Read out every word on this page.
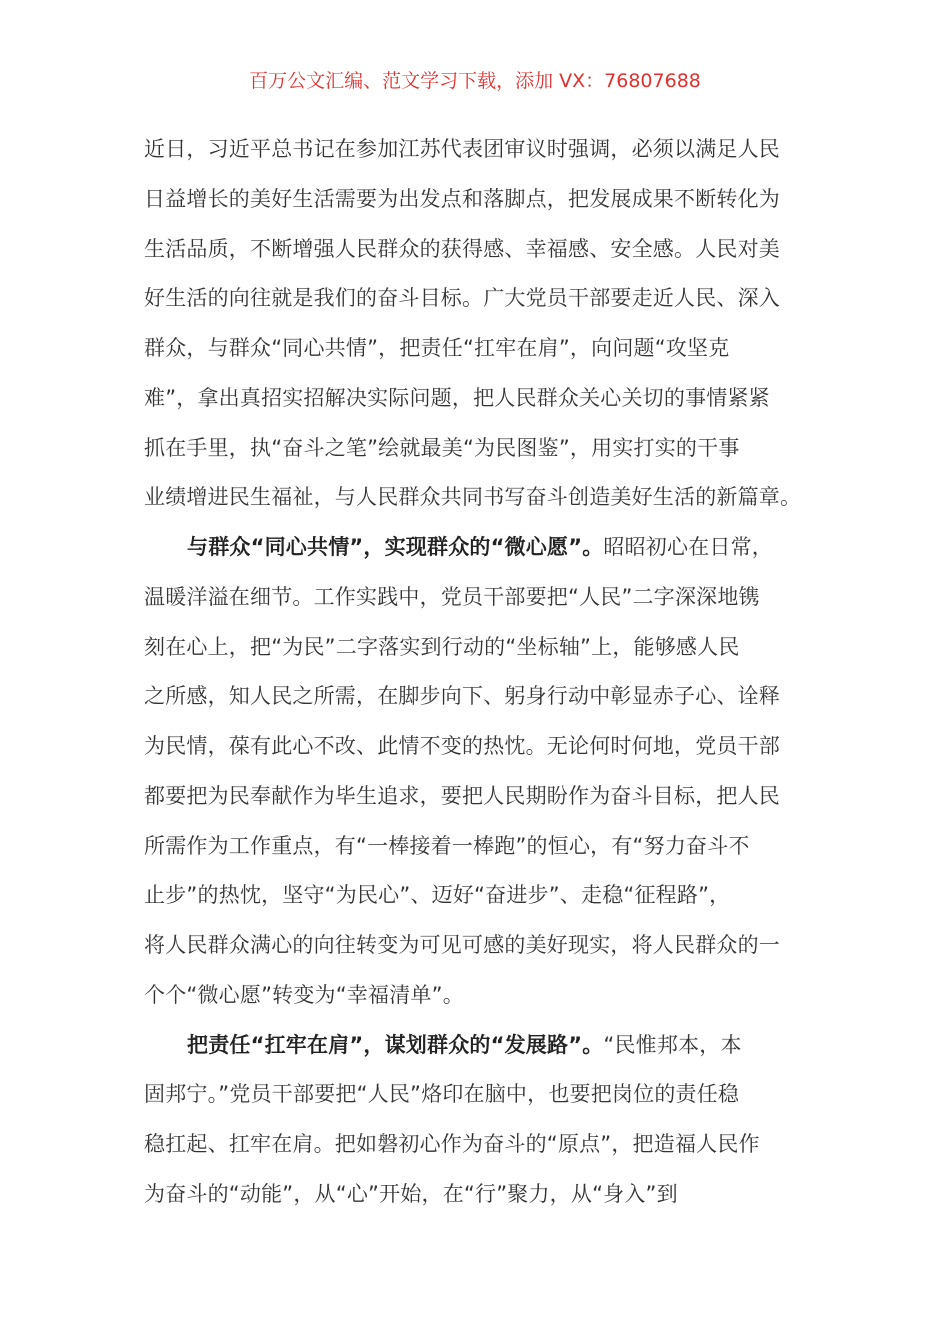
百万公文汇编、范文学习下载，添加 VX：76807688
近日，习近平总书记在参加江苏代表团审议时强调，必须以满足人民
日益增长的美好生活需要为出发点和落脚点，把发展成果不断转化为
生活品质，不断增强人民群众的获得感、幸福感、安全感。人民对美
好生活的向往就是我们的奋斗目标。广大党员干部要走近人民、深入
群众，与群众“同心共情”，把责任“扛牢在肩”，向问题“攻坚克
难”，拿出真招实招解决实际问题，把人民群众关心关切的事情紧紧
抓在手里，执“奋斗之笔”绘就最美“为民图鉴”，用实打实的干事
业绩增进民生福祉，与人民群众共同书写奋斗创造美好生活的新篇章。
与群众“同心共情”，实现群众的“微心愿”。昭昭初心在日常，
温暖洋溢在细节。工作实践中，党员干部要把“人民”二字深深地镌
刻在心上，把“为民”二字落实到行动的“坐标轴”上，能够感人民
之所感，知人民之所需，在脚步向下、躬身行动中彰显赤子心、诠释
为民情，葆有此心不改、此情不变的热忱。无论何时何地，党员干部
都要把为民奉献作为毕生追求，要把人民期盼作为奋斗目标，把人民
所需作为工作重点，有“一棒接着一棒跑”的恒心，有“努力奋斗不
止步”的热忱，坚守“为民心”、迈好“奋进步”、走稳“征程路”，
将人民群众满心的向往转变为可见可感的美好现实，将人民群众的一
个个“微心愿”转变为“幸福清单”。
把责任“扛牢在肩”，谋划群众的“发展路”。“民惟邦本，本
固邦宁。”党员干部要把“人民”烙印在脑中，也要把岗位的责任稳
稳扛起、扛牢在肩。把如磐初心作为奋斗的“原点”，把造福人民作
为奋斗的“动能”，从“心”开始，在“行”聚力，从“身入”到
